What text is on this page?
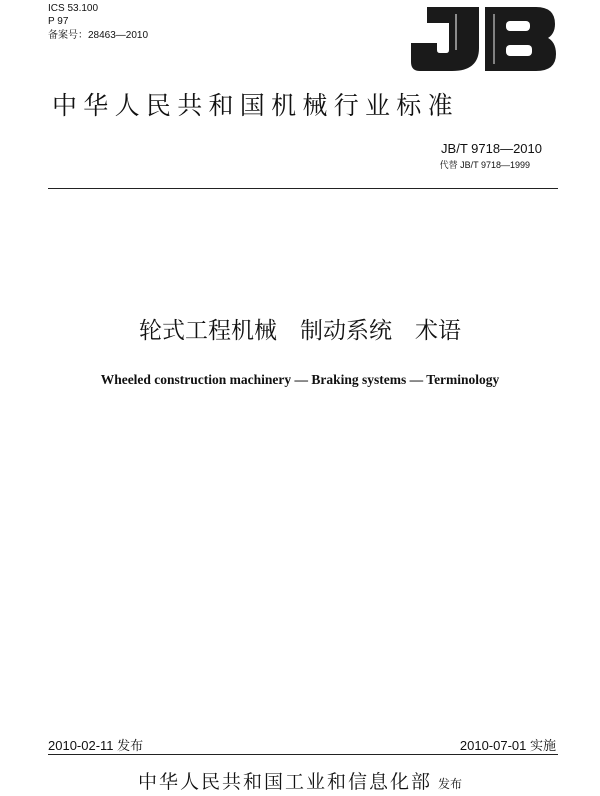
ICS 53.100
P 97
备案号：28463—2010
中华人民共和国机械行业标准
JB/T 9718—2010
代替 JB/T 9718—1999
轮式工程机械　制动系统　术语
Wheeled construction machinery — Braking systems — Terminology
2010-02-11 发布	2010-07-01 实施
中华人民共和国工业和信息化部 发布
